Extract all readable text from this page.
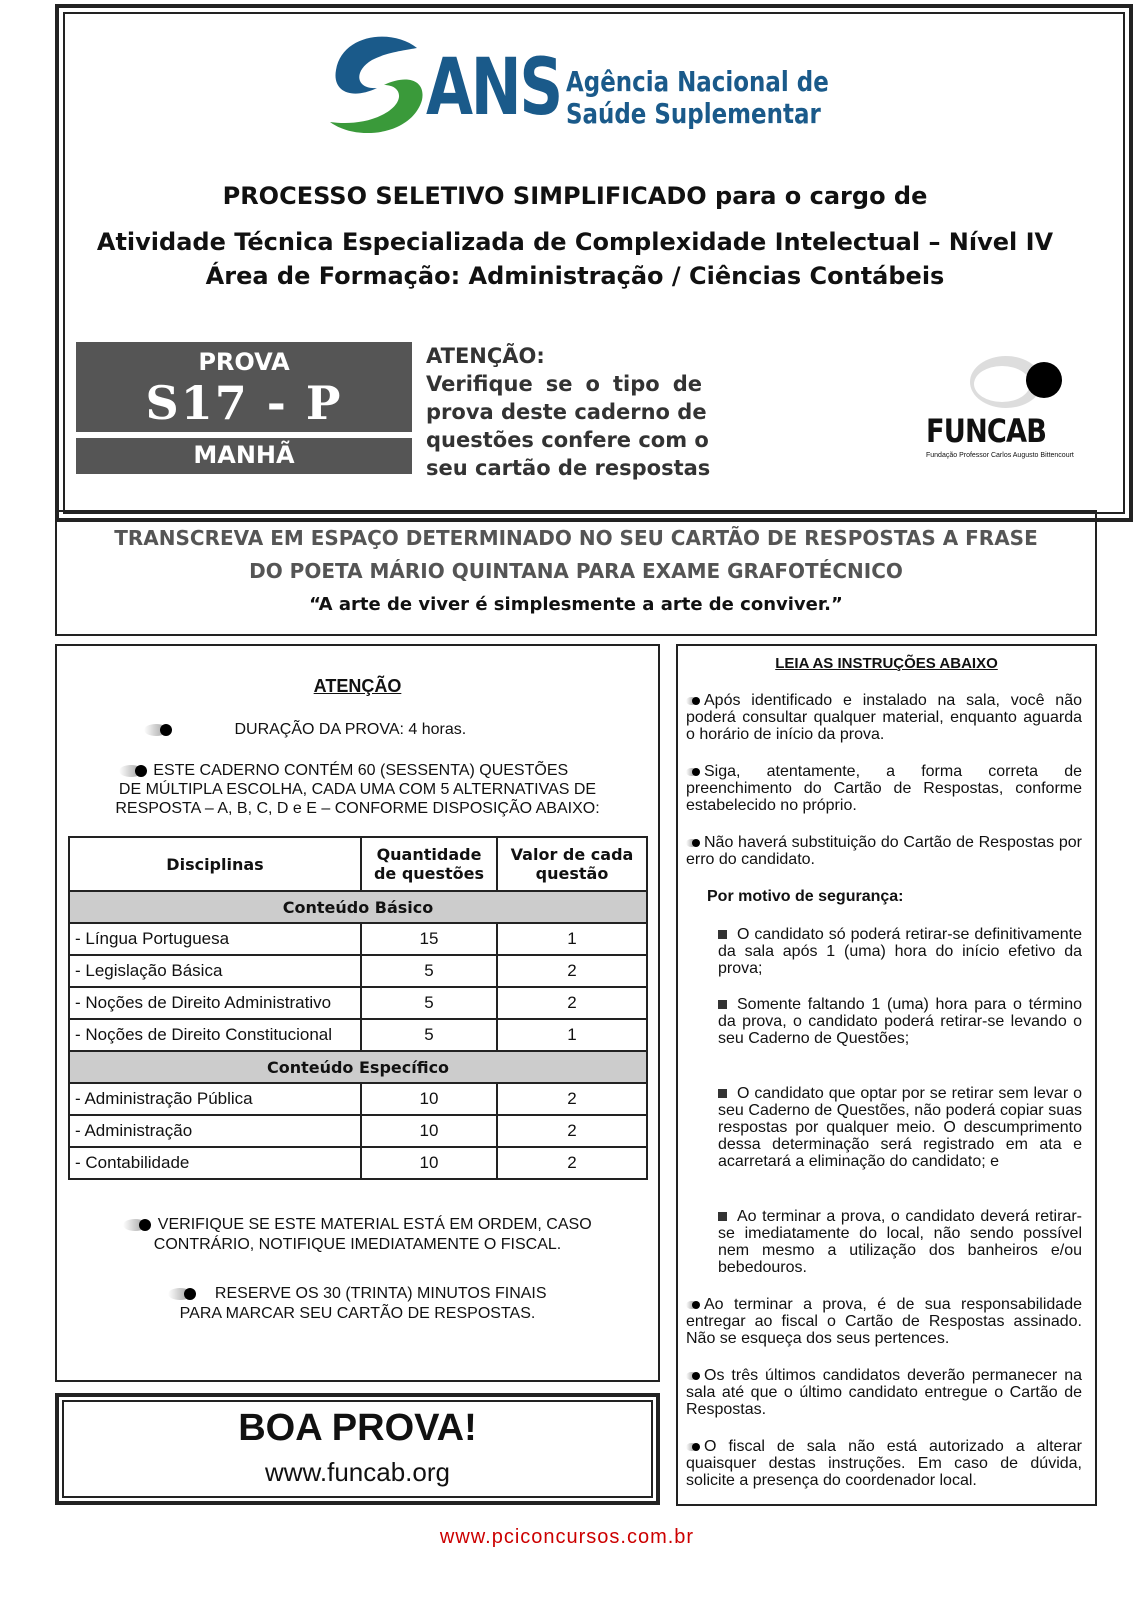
ANS Agência Nacional de
Saúde Suplementar
PROCESSO SELETIVO SIMPLIFICADO para o cargo de
Atividade Técnica Especializada de Complexidade Intelectual – Nível IV
Área de Formação: Administração / Ciências Contábeis
PROVA
S17 - P
MANHÃ
ATENÇÃO:
Verifique se o tipo de
prova deste caderno de
questões confere com o
seu cartão de respostas
FUNCAB
Fundação Professor Carlos Augusto Bittencourt
TRANSCREVA EM ESPAÇO DETERMINADO NO SEU CARTÃO DE RESPOSTAS A FRASE
DO POETA MÁRIO QUINTANA PARA EXAME GRAFOTÉCNICO
“A arte de viver é simplesmente a arte de conviver.”
ATENÇÃO
DURAÇÃO DA PROVA: 4 horas.
ESTE CADERNO CONTÉM 60 (SESSENTA) QUESTÕES
DE MÚLTIPLA ESCOLHA, CADA UMA COM 5 ALTERNATIVAS DE
RESPOSTA – A, B, C, D e E – CONFORME DISPOSIÇÃO ABAIXO:
Disciplinas	Quantidade de questões	Valor de cada questão
Conteúdo Básico		
- Língua Portuguesa	15	1
- Legislação Básica	5	2
- Noções de Direito Administrativo	5	2
- Noções de Direito Constitucional	5	1
Conteúdo Específico		
- Administração Pública	10	2
- Administração	10	2
- Contabilidade	10	2
VERIFIQUE SE ESTE MATERIAL ESTÁ EM ORDEM, CASO
CONTRÁRIO, NOTIFIQUE IMEDIATAMENTE O FISCAL.
RESERVE OS 30 (TRINTA) MINUTOS FINAIS
PARA MARCAR SEU CARTÃO DE RESPOSTAS.
BOA PROVA!
www.funcab.org
LEIA AS INSTRUÇÕES ABAIXO
Após identificado e instalado na sala, você não poderá consultar qualquer material, enquanto aguarda o horário de início da prova.
Siga, atentamente, a forma correta de preenchimento do Cartão de Respostas, conforme estabelecido no próprio.
Não haverá substituição do Cartão de Respostas por erro do candidato.
Por motivo de segurança:
O candidato só poderá retirar-se definitivamente da sala após 1 (uma) hora do início efetivo da prova;
Somente faltando 1 (uma) hora para o término da prova, o candidato poderá retirar-se levando o seu Caderno de Questões;
O candidato que optar por se retirar sem levar o seu Caderno de Questões, não poderá copiar suas respostas por qualquer meio. O descumprimento dessa determinação será registrado em ata e acarretará a eliminação do candidato; e
Ao terminar a prova, o candidato deverá retirar-se imediatamente do local, não sendo possível nem mesmo a utilização dos banheiros e/ou bebedouros.
Ao terminar a prova, é de sua responsabilidade entregar ao fiscal o Cartão de Respostas assinado. Não se esqueça dos seus pertences.
Os três últimos candidatos deverão permanecer na sala até que o último candidato entregue o Cartão de Respostas.
O fiscal de sala não está autorizado a alterar quaisquer destas instruções. Em caso de dúvida, solicite a presença do coordenador local.
www.pciconcursos.com.br
